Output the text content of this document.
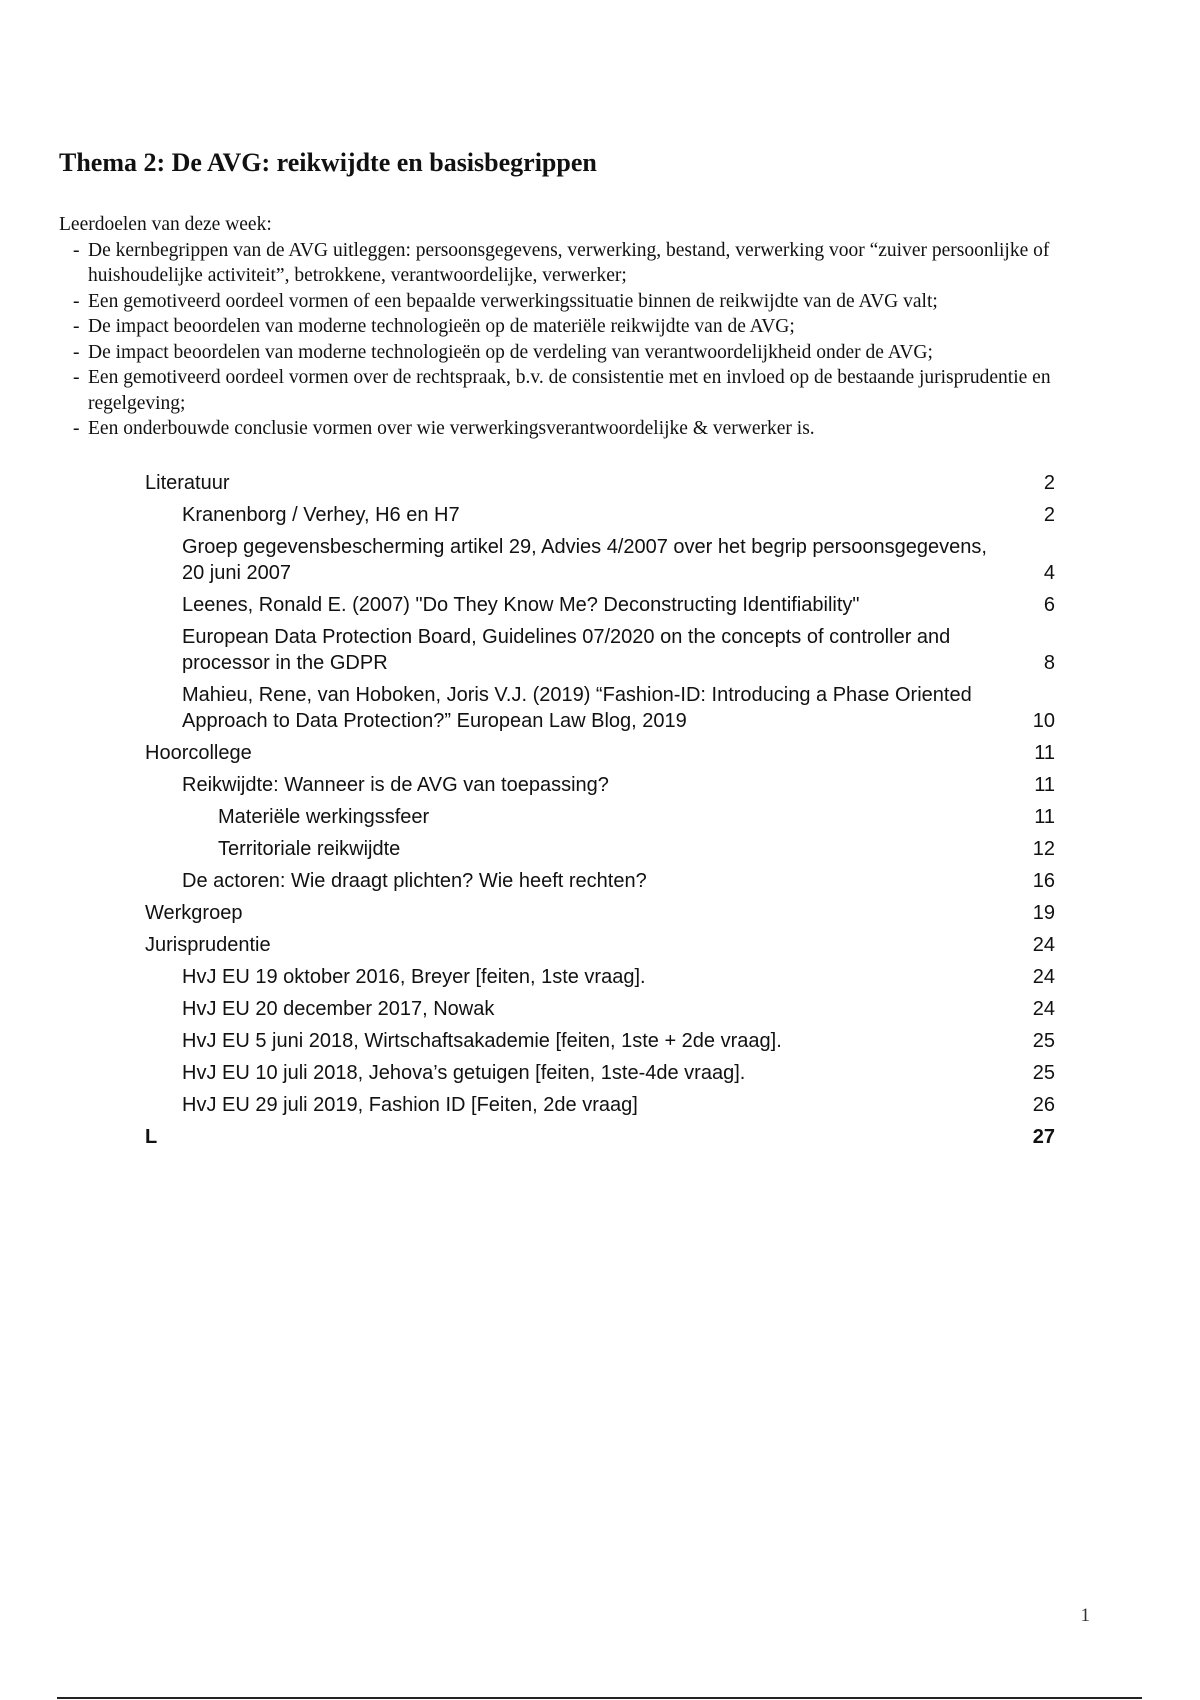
Thema 2: De AVG: reikwijdte en basisbegrippen

Leerdoelen van deze week:

- De kernbegrippen van de AVG uitleggen: persoonsgegevens, verwerking, bestand, verwerking voor “zuiver persoonlijke of huishoudelijke activiteit”, betrokkene, verantwoordelijke, verwerker;
- Een gemotiveerd oordeel vormen of een bepaalde verwerkingssituatie binnen de reikwijdte van de AVG valt;
- De impact beoordelen van moderne technologieën op de materiële reikwijdte van de AVG;
- De impact beoordelen van moderne technologieën op de verdeling van verantwoordelijkheid onder de AVG;
- Een gemotiveerd oordeel vormen over de rechtspraak, b.v. de consistentie met en invloed op de bestaande jurisprudentie en regelgeving;
- Een onderbouwde conclusie vormen over wie verwerkingsverantwoordelijke & verwerker is.
Literatuur	2
Kranenborg / Verhey, H6 en H7	2
Groep gegevensbescherming artikel 29, Advies 4/2007 over het begrip persoonsgegevens, 20 juni 2007	4
Leenes, Ronald E. (2007) "Do They Know Me? Deconstructing Identifiability"	6
European Data Protection Board, Guidelines 07/2020 on the concepts of controller and processor in the GDPR	8
Mahieu, Rene, van Hoboken, Joris V.J. (2019) “Fashion-ID: Introducing a Phase Oriented Approach to Data Protection?” European Law Blog, 2019	10
Hoorcollege	11
Reikwijdte: Wanneer is de AVG van toepassing?	11
Materiële werkingssfeer	11
Territoriale reikwijdte	12
De actoren: Wie draagt plichten? Wie heeft rechten?	16
Werkgroep	19
Jurisprudentie	24
HvJ EU 19 oktober 2016, Breyer [feiten, 1ste vraag].	24
HvJ EU 20 december 2017, Nowak	24
HvJ EU 5 juni 2018, Wirtschaftsakademie [feiten, 1ste + 2de vraag].	25
HvJ EU 10 juli 2018, Jehova’s getuigen [feiten, 1ste-4de vraag].	25
HvJ EU 29 juli 2019, Fashion ID [Feiten, 2de vraag]	26
L	27
1
